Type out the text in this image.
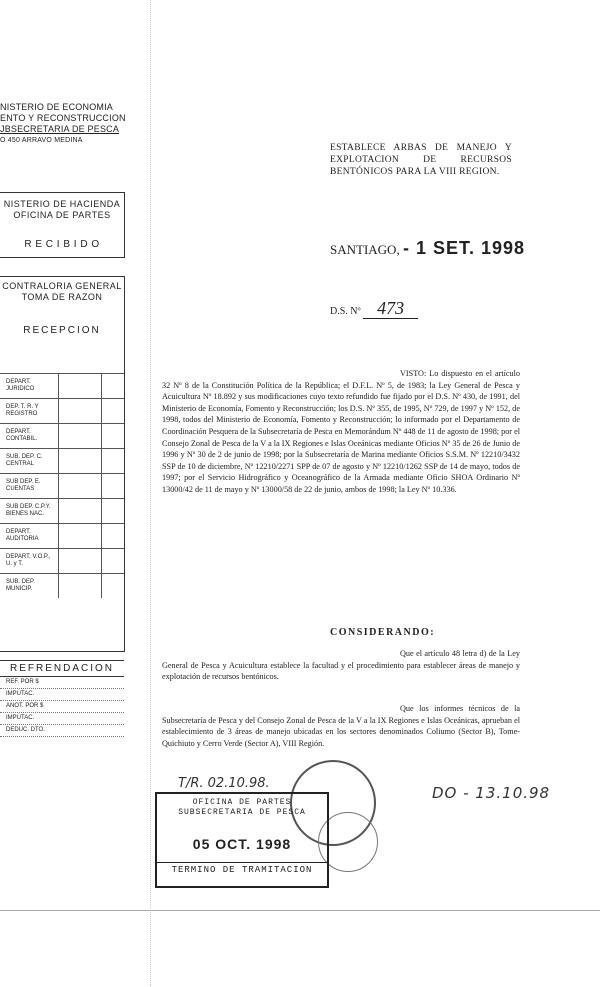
NISTERIO DE ECONOMIA
ENTO Y RECONSTRUCCION
JBSECRETARIA DE PESCA
O 450 ARRAVO MEDINA
NISTERIO DE HACIENDA
OFICINA DE PARTES
R E C I B I D O
CONTRALORIA GENERAL
TOMA DE RAZON
RECEPCION
DEPART. JURIDICO
DEP. T. R. Y REGISTRO
DEPART. CONTABIL.
SUB. DEP. C. CENTRAL
SUB DEP. E. CUENTAS
SUB DEP. C.P.Y. BIENES NAC.
DEPART. AUDITORIA
DEPART. V.O.P., U. y T.
SUB. DEP. MUNICIP.
REFRENDACION
REF. POR $
IMPUTAC.
ANOT. POR $
IMPUTAC.
DEDUC. DTO.
ESTABLECE ARBAS DE MANEJO Y EXPLOTACION DE RECURSOS BENTÓNICOS PARA LA VIII REGION.
SANTIAGO, - 1 SET. 1998
D.S. Nº 473
VISTO: Lo dispuesto en el artículo 32 Nº 8 de la Constitución Política de la República; el D.F.L. Nº 5, de 1983; la Ley General de Pesca y Acuicultura Nº 18.892 y sus modificaciones cuyo texto refundido fue fijado por el D.S. Nº 430, de 1991, del Ministerio de Economía, Fomento y Reconstrucción; los D.S. Nº 355, de 1995, Nº 729, de 1997 y Nº 152, de 1998, todos del Ministerio de Economía, Fomento y Reconstrucción; lo informado por el Departamento de Coordinación Pesquera de la Subsecretaría de Pesca en Memorándum Nº 448 de 11 de agosto de 1998; por el Consejo Zonal de Pesca de la V a la IX Regiones e Islas Oceánicas mediante Oficios Nº 35 de 26 de Junio de 1996 y Nº 30 de 2 de junio de 1998; por la Subsecretaría de Marina mediante Oficios S.S.M. Nº 12210/3432 SSP de 10 de diciembre, Nº 12210/2271 SPP de 07 de agosto y Nº 12210/1262 SSP de 14 de mayo, todos de 1997; por el Servicio Hidrográfico y Oceanográfico de la Armada mediante Oficio SHOA Ordinario Nº 13000/42 de 11 de mayo y Nº 13000/58 de 22 de junio, ambos de 1998; la Ley Nº 10.336.
CONSIDERANDO:
Que el artículo 48 letra d) de la Ley General de Pesca y Acuicultura establece la facultad y el procedimiento para establecer áreas de manejo y explotación de recursos bentónicos.
Que los informes técnicos de la Subsecretaría de Pesca y del Consejo Zonal de Pesca de la V a la IX Regiones e Islas Oceánicas, aprueban el establecimiento de 3 áreas de manejo ubicadas en los sectores denominados Coliumo (Sector B), Tome-Quichiuto y Cerro Verde (Sector A), VIII Región.
T/R. 02.10.98.
DO - 13.10.98
OFICINA DE PARTES
SUBSECRETARIA DE PESCA
05 OCT. 1998
TERMINO DE TRAMITACION
